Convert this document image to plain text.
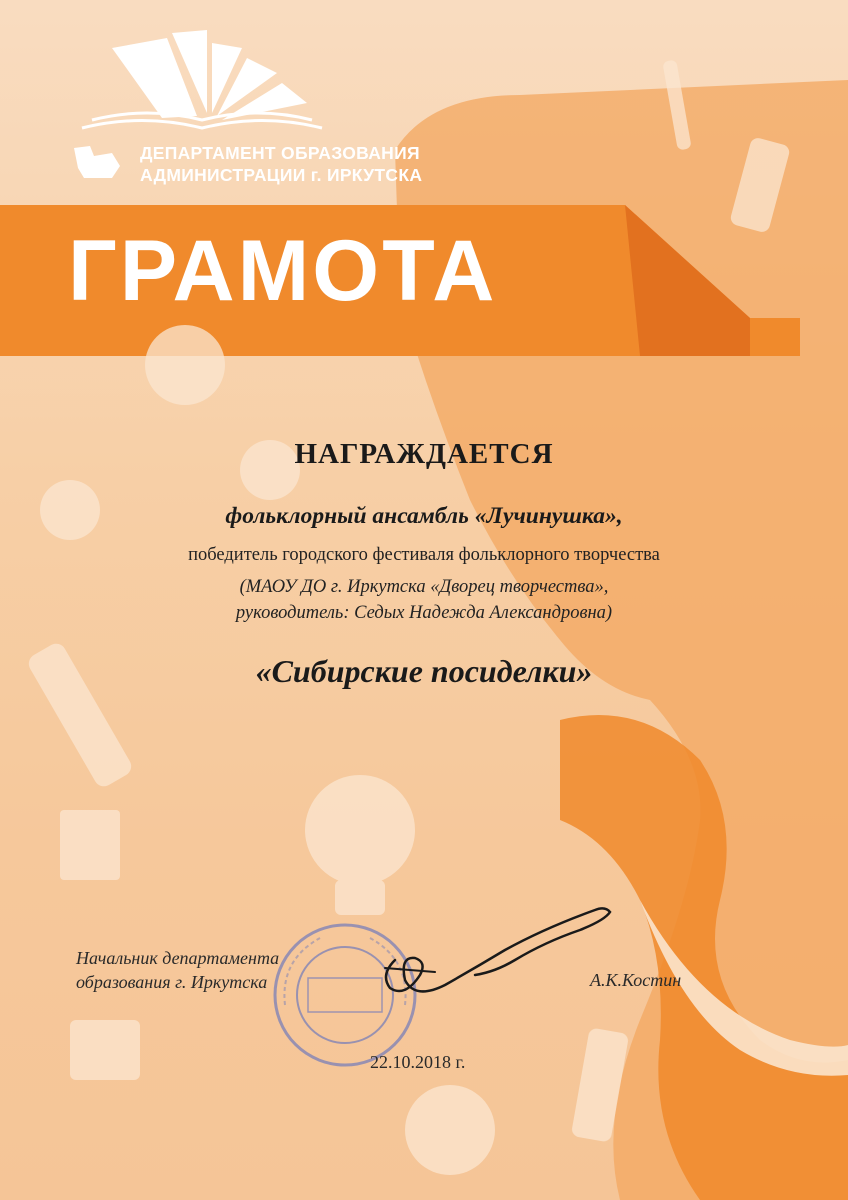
ДЕПАРТАМЕНТ ОБРАЗОВАНИЯ
АДМИНИСТРАЦИИ г. ИРКУТСКА
ГРАМОТА
НАГРАЖДАЕТСЯ
фольклорный ансамбль «Лучинушка»,
победитель городского фестиваля фольклорного творчества
(МАОУ ДО г. Иркутска «Дворец творчества»,
руководитель: Седых Надежда Александровна)
«Сибирские посиделки»
Начальник департамента
образования г. Иркутска	А.К.Костин
22.10.2018 г.
